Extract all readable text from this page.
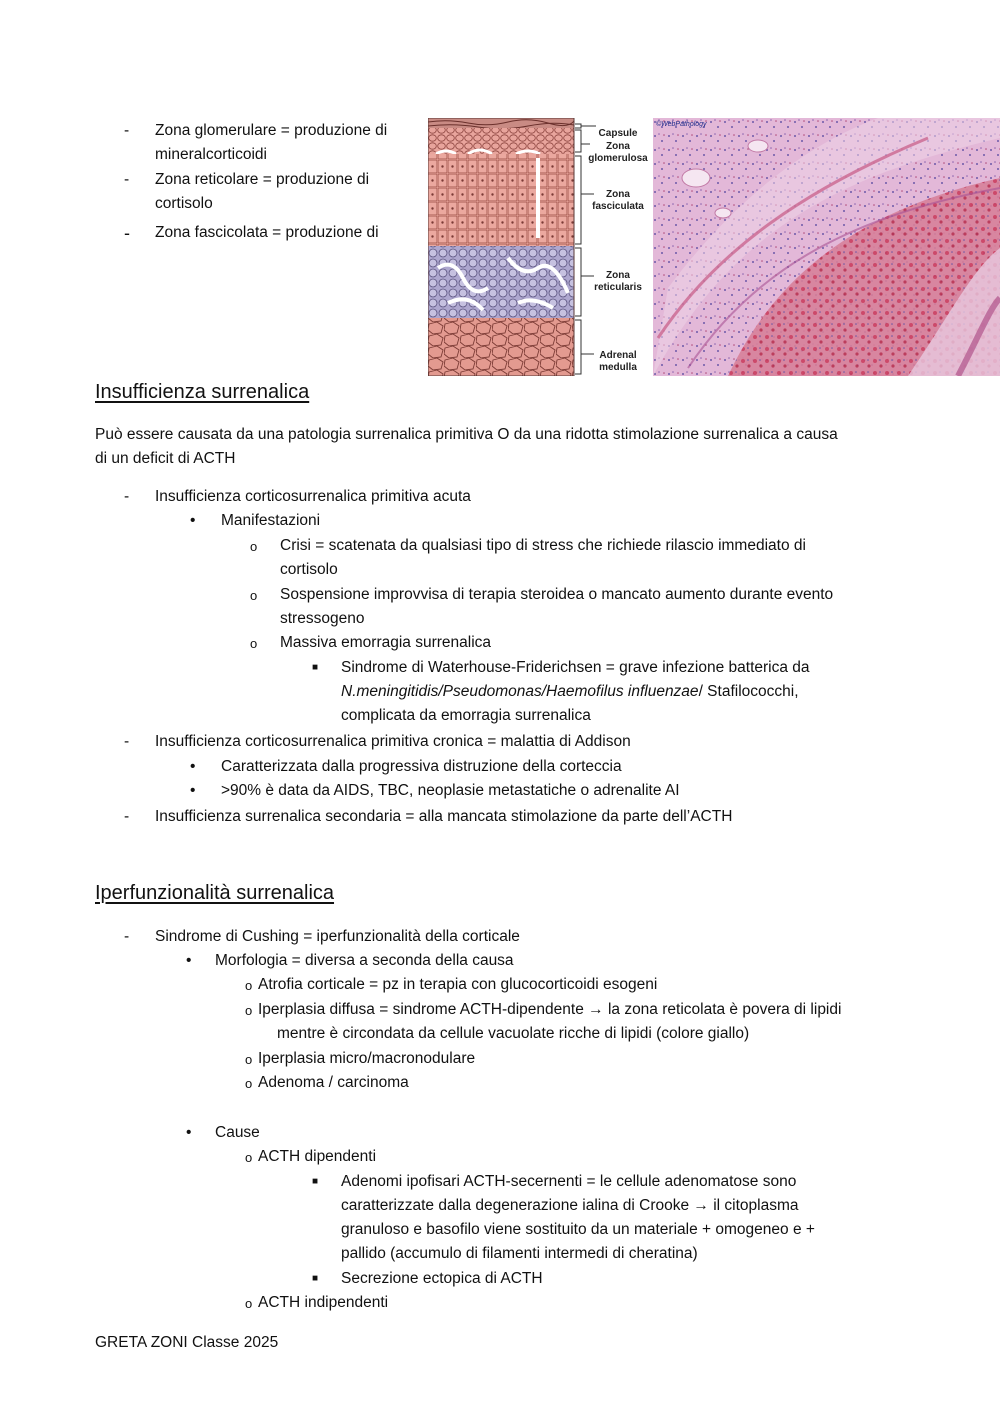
- Zona glomerulare = produzione di
mineralcorticoidi
- Zona reticolare = produzione di
cortisolo
- Zona fascicolata = produzione di
Capsule
Zona
glomerulosa
Zona
fasciculata
Zona
reticularis
Adrenal
medulla
©WebPathology
Insufficienza surrenalica
Può essere causata da una patologia surrenalica primitiva O da una ridotta stimolazione surrenalica a causa
di un deficit di ACTH
- Insufficienza corticosurrenalica primitiva acuta
• Manifestazioni
o Crisi = scatenata da qualsiasi tipo di stress che richiede rilascio immediato di
cortisolo
o Sospensione improvvisa di terapia steroidea o mancato aumento durante evento
stressogeno
o Massiva emorragia surrenalica
■ Sindrome di Waterhouse-Friderichsen = grave infezione batterica da
N.meningitidis/Pseudomonas/Haemofilus influenzae/ Stafilococchi,
complicata da emorragia surrenalica
- Insufficienza corticosurrenalica primitiva cronica = malattia di Addison
• Caratterizzata dalla progressiva distruzione della corteccia
• >90% è data da AIDS, TBC, neoplasie metastatiche o adrenalite AI
- Insufficienza surrenalica secondaria = alla mancata stimolazione da parte dell’ACTH
Iperfunzionalità surrenalica
- Sindrome di Cushing = iperfunzionalità della corticale
• Morfologia = diversa a seconda della causa
o Atrofia corticale = pz in terapia con glucocorticoidi esogeni
o Iperplasia diffusa = sindrome ACTH-dipendente → la zona reticolata è povera di lipidi
mentre è circondata da cellule vacuolate ricche di lipidi (colore giallo)
o Iperplasia micro/macronodulare
o Adenoma / carcinoma
• Cause
o ACTH dipendenti
■ Adenomi ipofisari ACTH-secernenti = le cellule adenomatose sono
caratterizzate dalla degenerazione ialina di Crooke → il citoplasma
granuloso e basofilo viene sostituito da un materiale + omogeneo e +
pallido (accumulo di filamenti intermedi di cheratina)
■ Secrezione ectopica di ACTH
o ACTH indipendenti
GRETA ZONI Classe 2025
